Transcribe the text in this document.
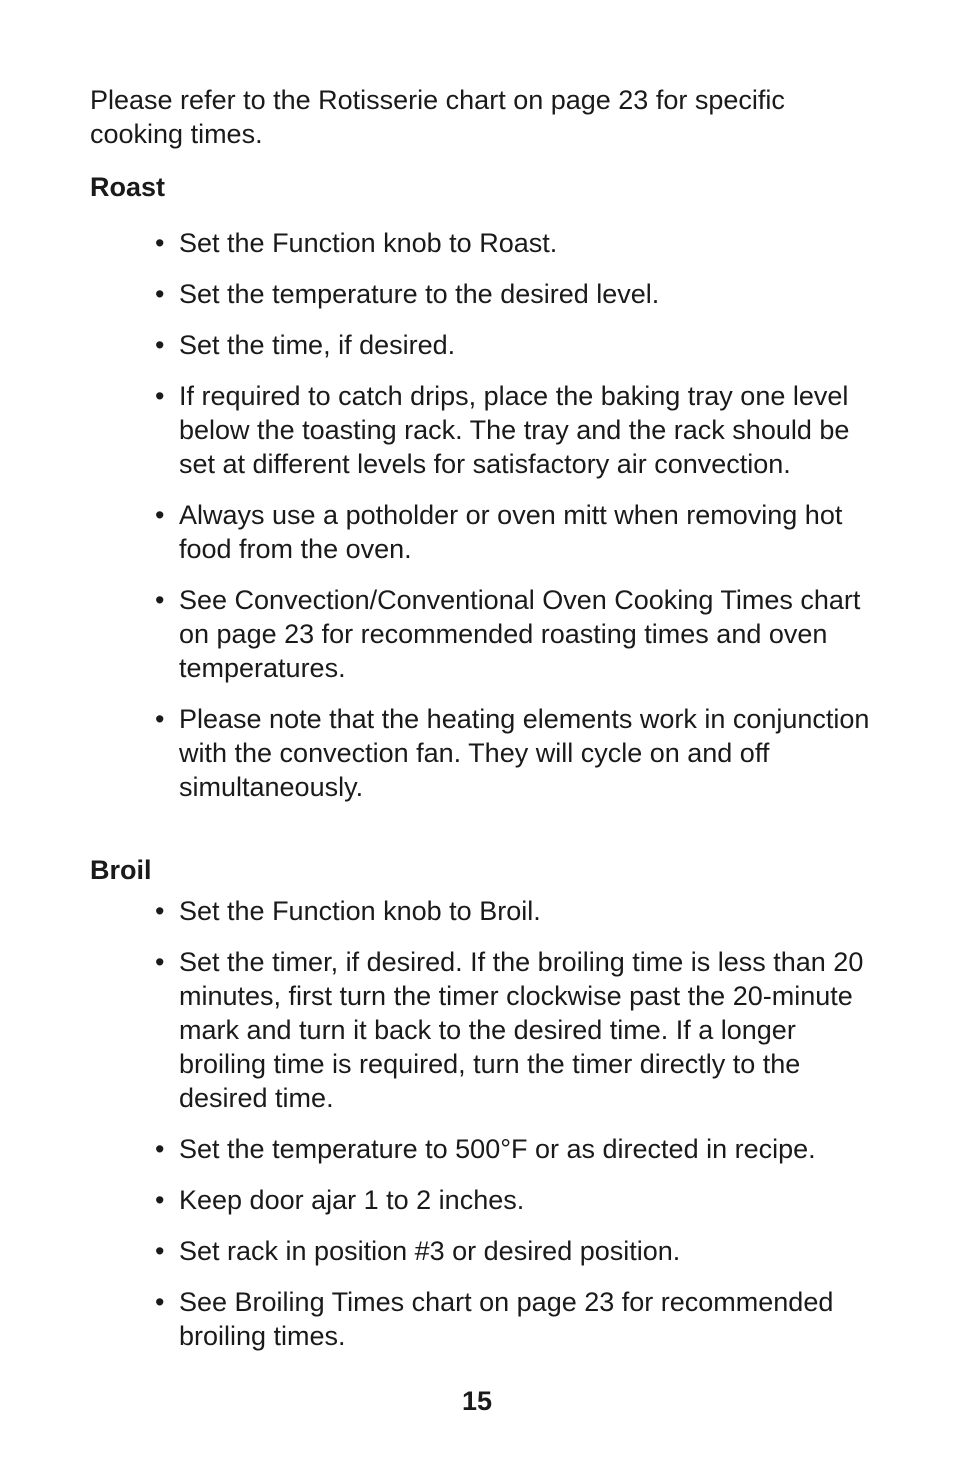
Please refer to the Rotisserie chart on page 23 for specific cooking times.

Roast
• Set the Function knob to Roast.
• Set the temperature to the desired level.
• Set the time, if desired.
• If required to catch drips, place the baking tray one level below the toasting rack. The tray and the rack should be set at different levels for satisfactory air convection.
• Always use a potholder or oven mitt when removing hot food from the oven.
• See Convection/Conventional Oven Cooking Times chart on page 23 for recommended roasting times and oven temperatures.
• Please note that the heating elements work in conjunction with the convection fan. They will cycle on and off simultaneously.
Broil
• Set the Function knob to Broil.
• Set the timer, if desired. If the broiling time is less than 20 minutes, first turn the timer clockwise past the 20-minute mark and turn it back to the desired time. If a longer broiling time is required, turn the timer directly to the desired time.
• Set the temperature to 500°F or as directed in recipe.
• Keep door ajar 1 to 2 inches.
• Set rack in position #3 or desired position.
• See Broiling Times chart on page 23 for recommended broiling times.
15
